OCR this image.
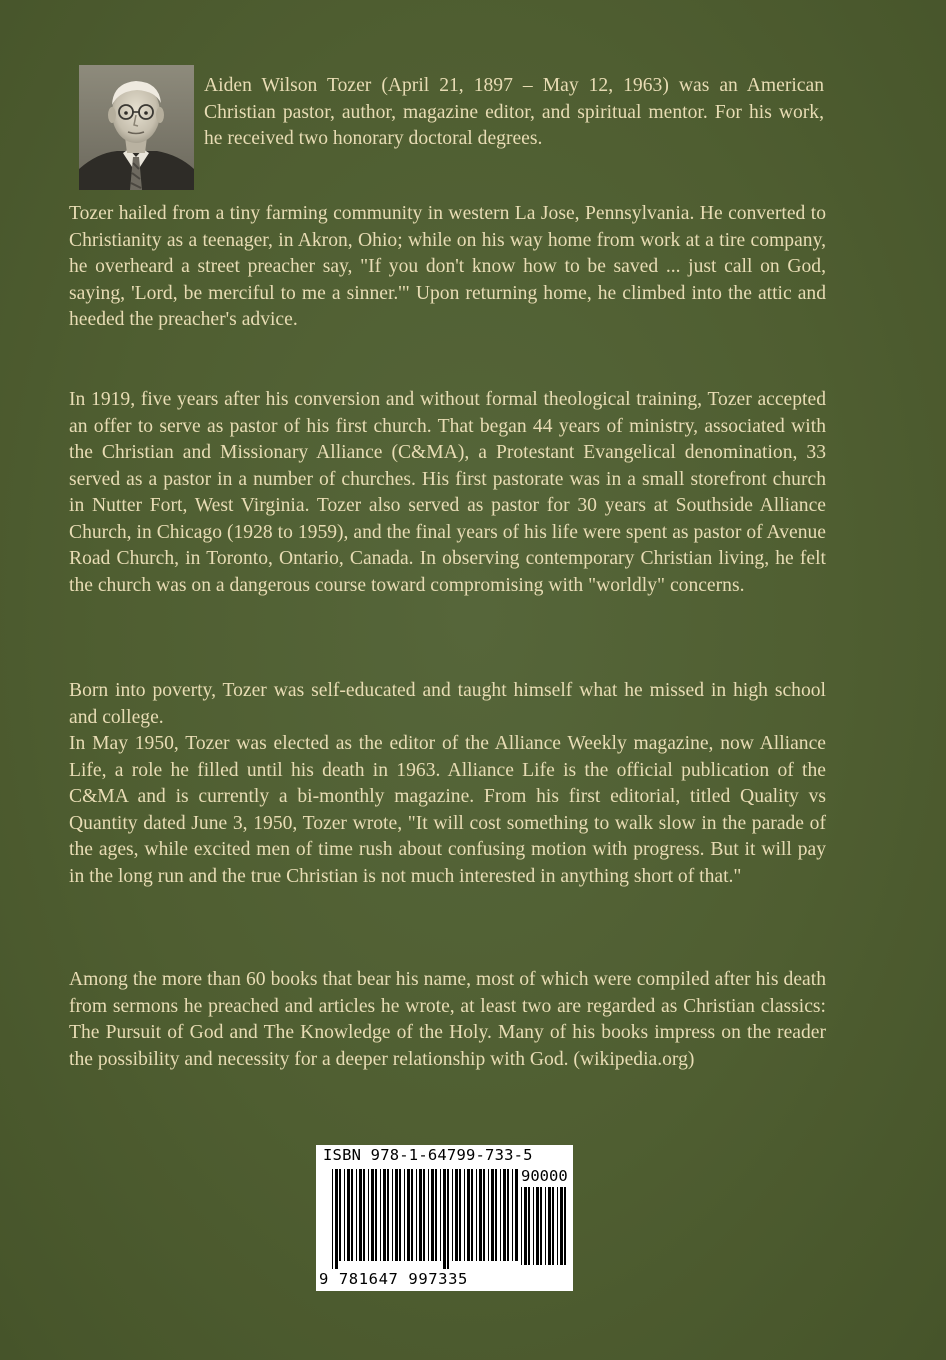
Aiden Wilson Tozer (April 21, 1897 – May 12, 1963) was an American Christian pastor, author, magazine editor, and spiritual mentor. For his work, he received two honorary doctoral degrees.

Tozer hailed from a tiny farming community in western La Jose, Pennsylvania. He converted to Christianity as a teenager, in Akron, Ohio; while on his way home from work at a tire company, he overheard a street preacher say, "If you don't know how to be saved ... just call on God, saying, 'Lord, be merciful to me a sinner.'" Upon returning home, he climbed into the attic and heeded the preacher's advice.

In 1919, five years after his conversion and without formal theological training, Tozer accepted an offer to serve as pastor of his first church. That began 44 years of ministry, associated with the Christian and Missionary Alliance (C&MA), a Protestant Evangelical denomination, 33 served as a pastor in a number of churches. His first pastorate was in a small storefront church in Nutter Fort, West Virginia. Tozer also served as pastor for 30 years at Southside Alliance Church, in Chicago (1928 to 1959), and the final years of his life were spent as pastor of Avenue Road Church, in Toronto, Ontario, Canada. In observing contemporary Christian living, he felt the church was on a dangerous course toward compromising with "worldly" concerns.

Born into poverty, Tozer was self-educated and taught himself what he missed in high school and college.

In May 1950, Tozer was elected as the editor of the Alliance Weekly magazine, now Alliance Life, a role he filled until his death in 1963. Alliance Life is the official publication of the C&MA and is currently a bi-monthly magazine. From his first editorial, titled Quality vs Quantity dated June 3, 1950, Tozer wrote, "It will cost something to walk slow in the parade of the ages, while excited men of time rush about confusing motion with progress. But it will pay in the long run and the true Christian is not much interested in anything short of that."

Among the more than 60 books that bear his name, most of which were compiled after his death from sermons he preached and articles he wrote, at least two are regarded as Christian classics: The Pursuit of God and The Knowledge of the Holy. Many of his books impress on the reader the possibility and necessity for a deeper relationship with God. (wikipedia.org)

ISBN 978-1-64799-733-5
90000
9 781647 997335
